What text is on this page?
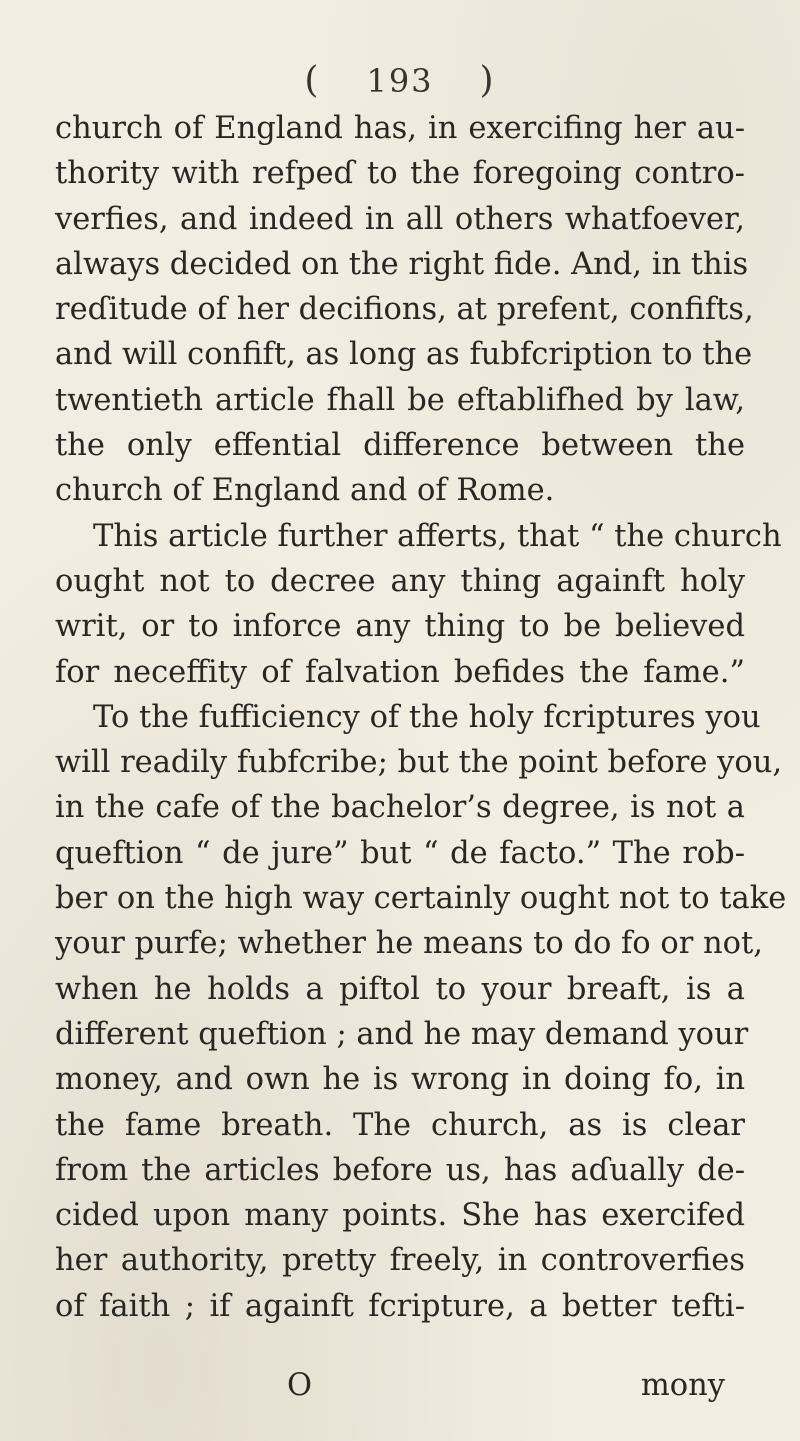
( 193 )
church of England has, in exercifing her au-
thority with refpeɗ to the foregoing contro-
verfies, and indeed in all others whatfoever,
always decided on the right fide. And, in this
reɗitude of her decifions, at prefent, confifts,
and will confift, as long as fubfcription to the
twentieth article fhall be eftablifhed by law,
the only effential difference between the
church of England and of Rome.
This article further afferts, that “ the church
ought not to decree any thing againft holy
writ, or to inforce any thing to be believed
for neceffity of falvation befides the fame.”
To the fufficiency of the holy fcriptures you
will readily fubfcribe; but the point before you,
in the cafe of the bachelor’s degree, is not a
queftion “ de jure” but “ de facto.” The rob-
ber on the high way certainly ought not to take
your purfe; whether he means to do fo or not,
when he holds a piftol to your breaft, is a
different queftion ; and he may demand your
money, and own he is wrong in doing fo, in
the fame breath. The church, as is clear
from the articles before us, has aɗually de-
cided upon many points. She has exercifed
her authority, pretty freely, in controverfies
of faith ; if againft fcripture, a better tefti-
O	mony
